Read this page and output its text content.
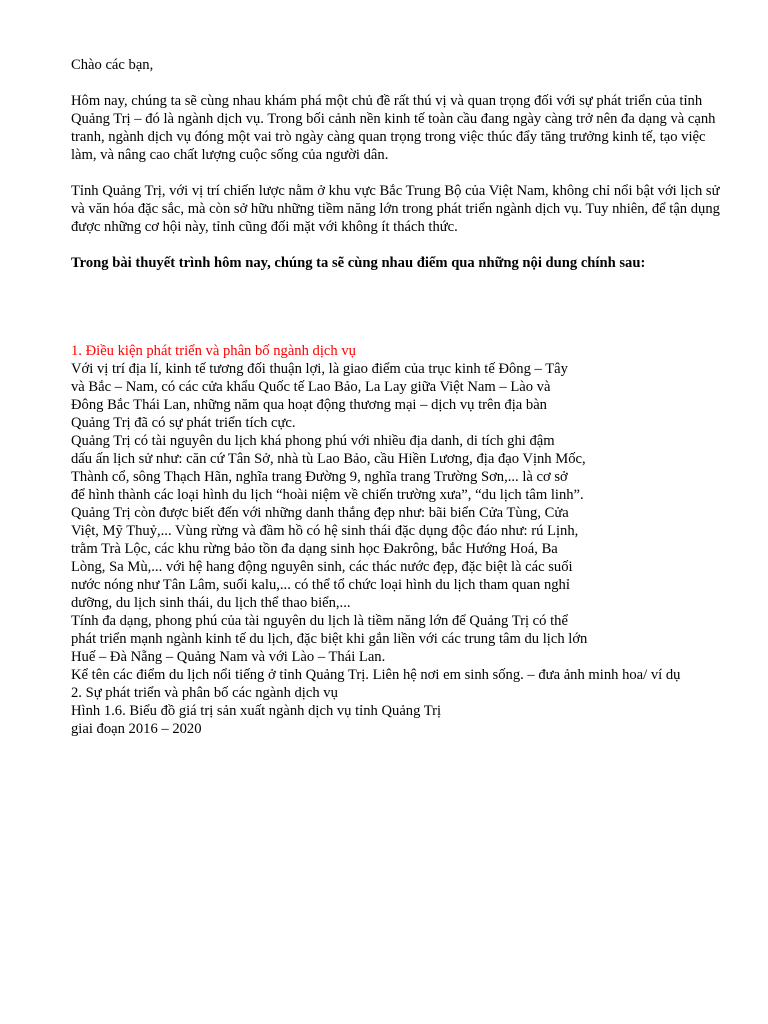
Chào các bạn,

Hôm nay, chúng ta sẽ cùng nhau khám phá một chủ đề rất thú vị và quan trọng đối với sự phát triển của tỉnh Quảng Trị – đó là ngành dịch vụ. Trong bối cảnh nền kinh tế toàn cầu đang ngày càng trở nên đa dạng và cạnh tranh, ngành dịch vụ đóng một vai trò ngày càng quan trọng trong việc thúc đẩy tăng trưởng kinh tế, tạo việc làm, và nâng cao chất lượng cuộc sống của người dân.

Tỉnh Quảng Trị, với vị trí chiến lược nằm ở khu vực Bắc Trung Bộ của Việt Nam, không chỉ nổi bật với lịch sử và văn hóa đặc sắc, mà còn sở hữu những tiềm năng lớn trong phát triển ngành dịch vụ. Tuy nhiên, để tận dụng được những cơ hội này, tỉnh cũng đối mặt với không ít thách thức.

Trong bài thuyết trình hôm nay, chúng ta sẽ cùng nhau điểm qua những nội dung chính sau:

1. Điều kiện phát triển và phân bố ngành dịch vụ
Với vị trí địa lí, kinh tế tương đối thuận lợi, là giao điểm của trục kinh tế Đông – Tây
và Bắc – Nam, có các cửa khẩu Quốc tế Lao Bảo, La Lay giữa Việt Nam – Lào và
Đông Bắc Thái Lan, những năm qua hoạt động thương mại – dịch vụ trên địa bàn
Quảng Trị đã có sự phát triển tích cực.
Quảng Trị có tài nguyên du lịch khá phong phú với nhiều địa danh, di tích ghi đậm
dấu ấn lịch sử như: căn cứ Tân Sở, nhà tù Lao Bảo, cầu Hiền Lương, địa đạo Vịnh Mốc,
Thành cổ, sông Thạch Hãn, nghĩa trang Đường 9, nghĩa trang Trường Sơn,... là cơ sở
để hình thành các loại hình du lịch “hoài niệm về chiến trường xưa”, “du lịch tâm linh”.
Quảng Trị còn được biết đến với những danh thắng đẹp như: bãi biển Cửa Tùng, Cửa
Việt, Mỹ Thuỷ,... Vùng rừng và đầm hồ có hệ sinh thái đặc dụng độc đáo như: rú Lịnh,
trằm Trà Lộc, các khu rừng bảo tồn đa dạng sinh học Đakrông, bắc Hướng Hoá, Ba
Lòng, Sa Mù,... với hệ hang động nguyên sinh, các thác nước đẹp, đặc biệt là các suối
nước nóng như Tân Lâm, suối kalu,... có thể tổ chức loại hình du lịch tham quan nghỉ
dưỡng, du lịch sinh thái, du lịch thể thao biển,...
Tính đa dạng, phong phú của tài nguyên du lịch là tiềm năng lớn để Quảng Trị có thể
phát triển mạnh ngành kinh tế du lịch, đặc biệt khi gắn liền với các trung tâm du lịch lớn
Huế – Đà Nẵng – Quảng Nam và với Lào – Thái Lan.
Kể tên các điểm du lịch nổi tiếng ở tỉnh Quảng Trị. Liên hệ nơi em sinh sống. – đưa ảnh minh hoa/ ví dụ
2. Sự phát triển và phân bố các ngành dịch vụ
Hình 1.6. Biểu đồ giá trị sản xuất ngành dịch vụ tỉnh Quảng Trị
giai đoạn 2016 – 2020
